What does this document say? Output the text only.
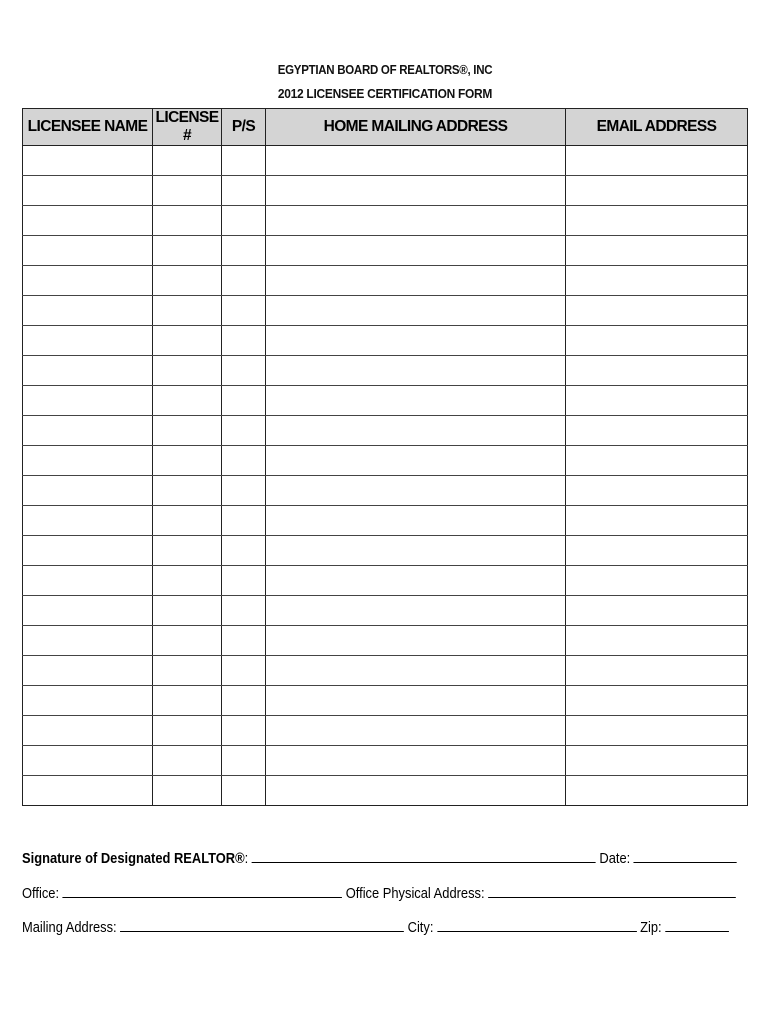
EGYPTIAN BOARD OF REALTORS®, INC
2012 LICENSEE CERTIFICATION FORM
LICENSEE NAME	LICENSE #	P/S	HOME MAILING ADDRESS	EMAIL ADDRESS

Signature of Designated REALTOR®:	Date:
Office:	Office Physical Address:
Mailing Address:	City:	Zip:
